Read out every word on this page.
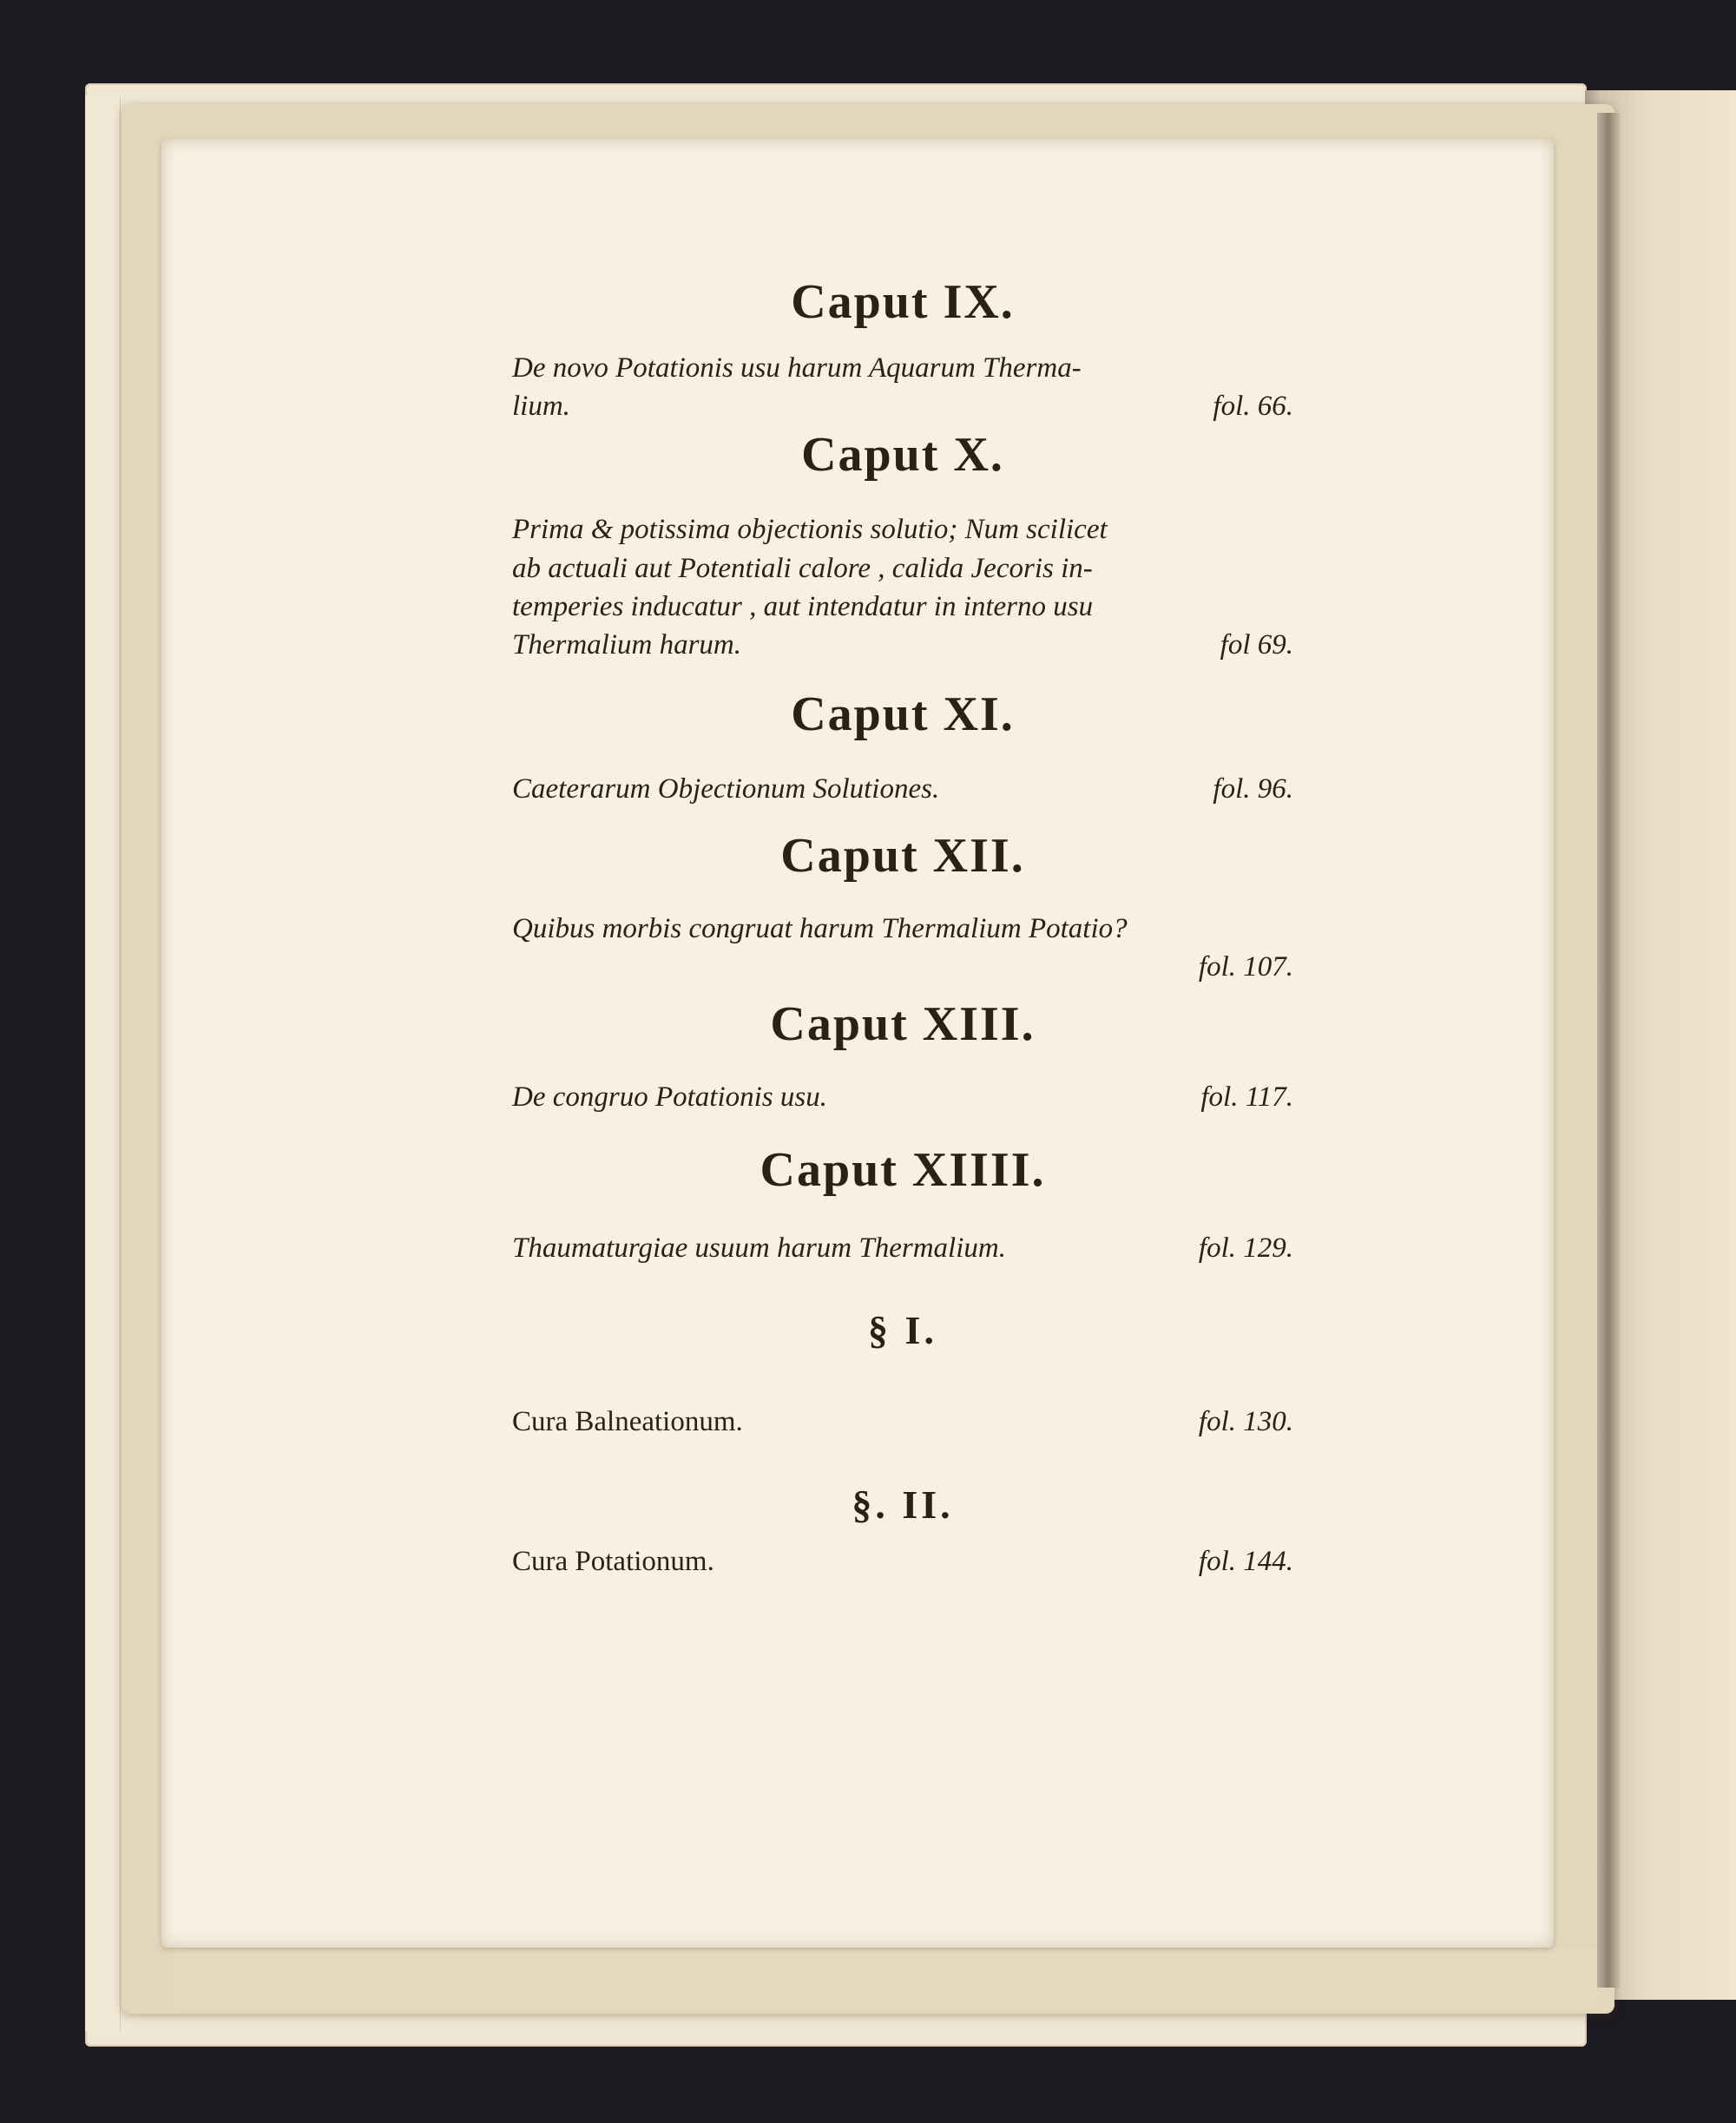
Caput IX.
De novo Potationis usu harum Aquarum Therma-
lium.	fol. 66.
Caput X.
Prima & potissima objectionis solutio; Num scilicet
ab actuali aut Potentiali calore , calida Jecoris in-
temperies inducatur , aut intendatur in interno usu
Thermalium harum.	fol 69.
Caput XI.
Caeterarum Objectionum Solutiones.	fol. 96.
Caput XII.
Quibus morbis congruat harum Thermalium Potatio?
fol. 107.
Caput XIII.
De congruo Potationis usu.	fol. 117.
Caput XIIII.
Thaumaturgiae usuum harum Thermalium.	fol. 129.
§ I.
Cura Balneationum.	fol. 130.
§. II.
Cura Potationum.	fol. 144.
